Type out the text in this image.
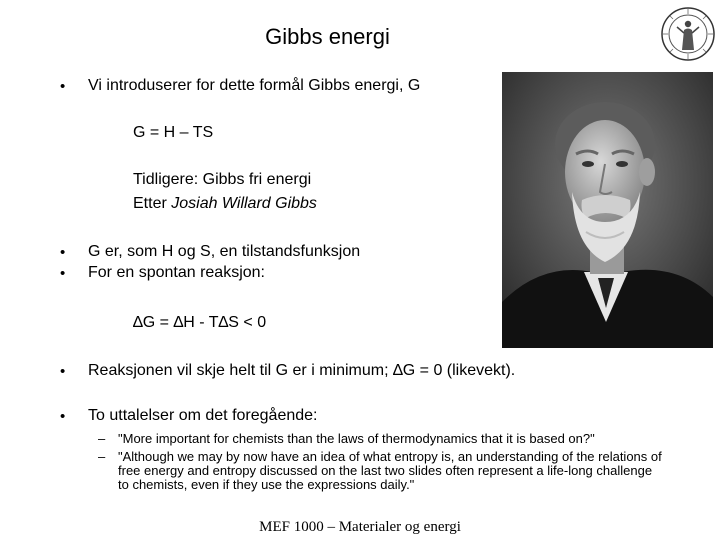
Gibbs energi
• Vi introduserer for dette formål Gibbs energi, G
G = H – TS
Tidligere: Gibbs fri energi
Etter Josiah Willard Gibbs
• G er, som H og S, en tilstandsfunksjon
• For en spontan reaksjon:
∆G = ∆H - T∆S < 0
• Reaksjonen vil skje helt til G er i minimum; ∆G = 0 (likevekt).
• To uttalelser om det foregående:
– "More important for chemists than the laws of thermodynamics that it is based on?"
– "Although we may by now have an idea of what entropy is, an understanding of the relations of free energy and entropy discussed on the last two slides often represent a life-long challenge to chemists, even if they use the expressions daily."
MEF 1000 – Materialer og energi
